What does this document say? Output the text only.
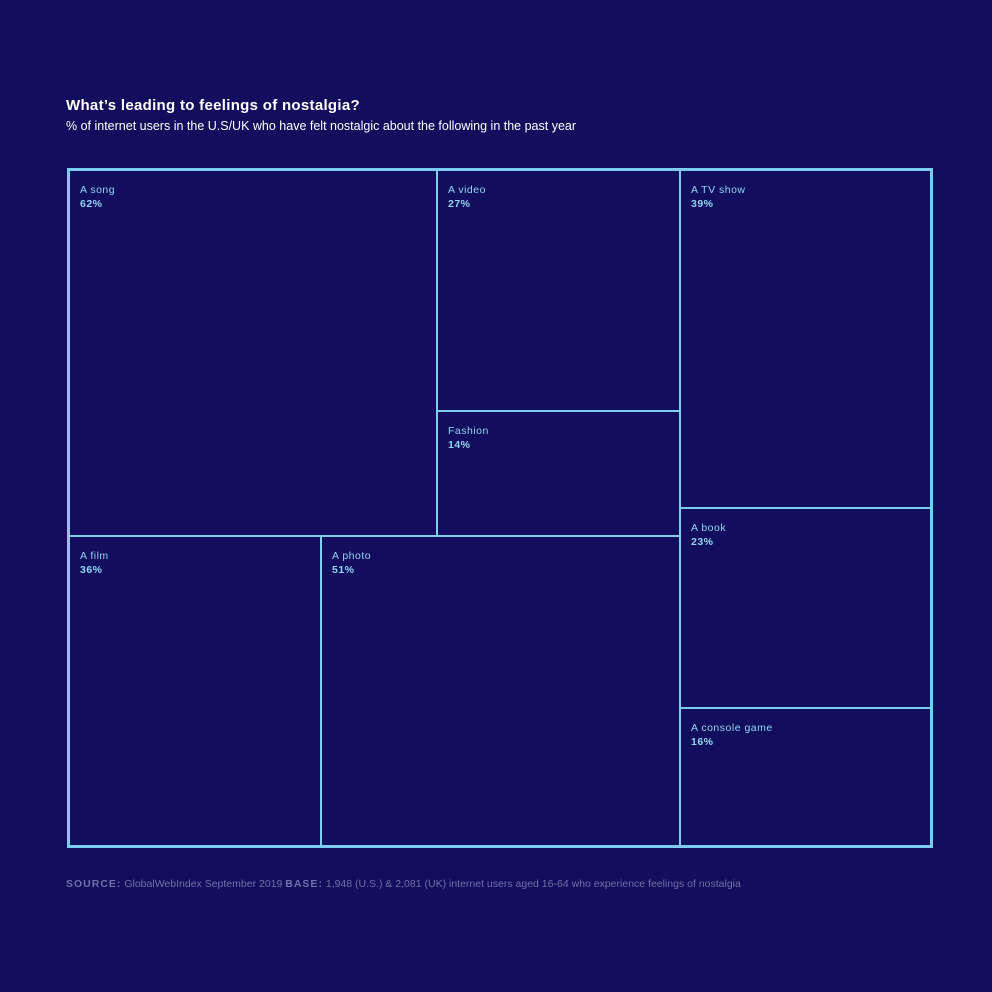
What’s leading to feelings of nostalgia?

% of internet users in the U.S/UK who have felt nostalgic about the following in the past year

A song
62%
A video
27%
Fashion
14%
A TV show
39%
A film
36%
A photo
51%
A book
23%
A console game
16%

SOURCE: GlobalWebIndex September 2019 BASE: 1,948 (U.S.) & 2,081 (UK) internet users aged 16-64 who experience feelings of nostalgia
